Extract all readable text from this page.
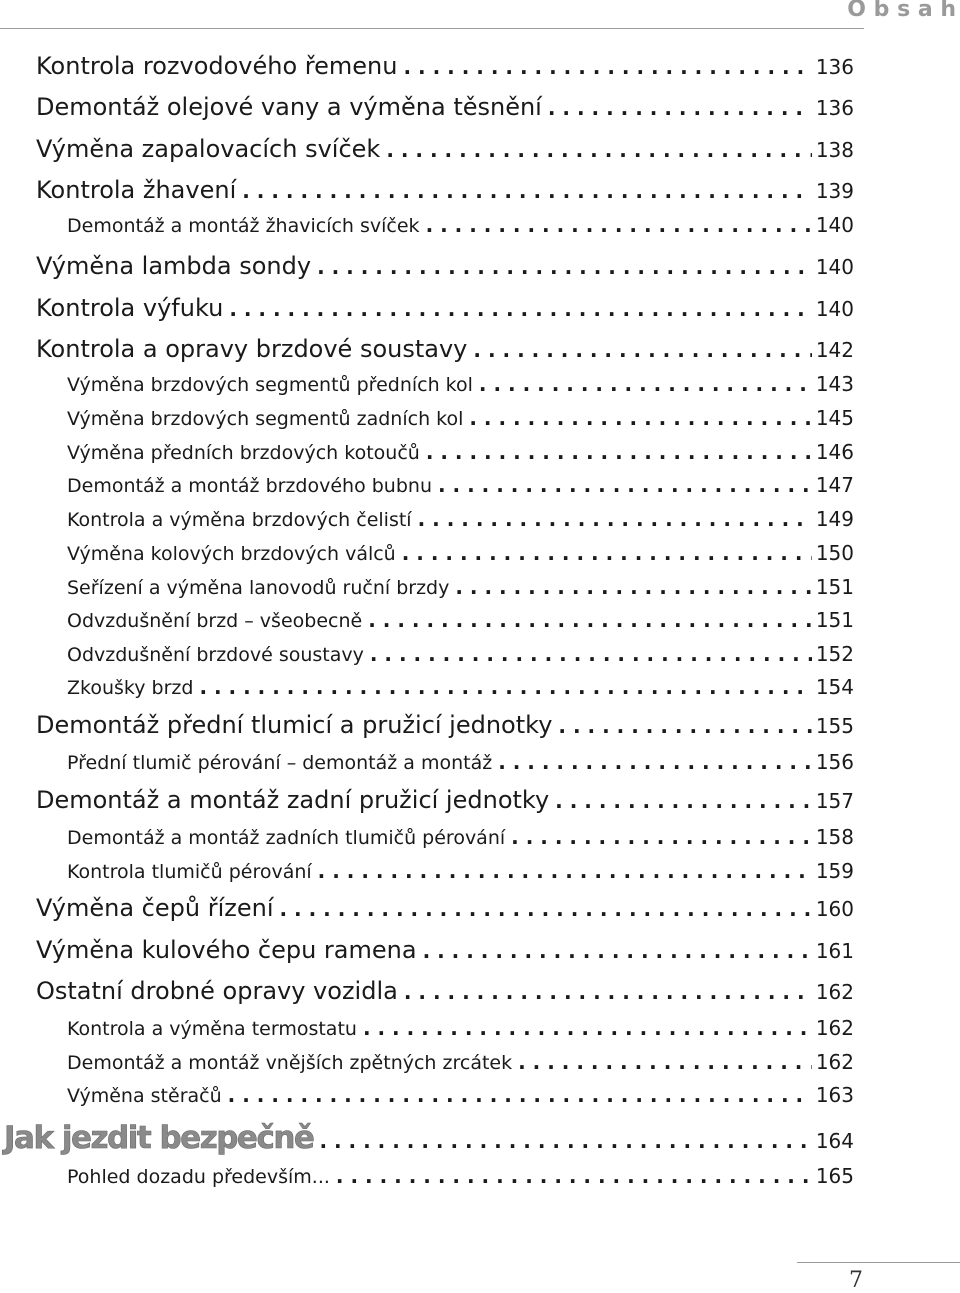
O b s a h
Kontrola rozvodového řemenu . . .	136
Demontáž olejové vany a výměna těsnění . . .	136
Výměna zapalovacích svíček . . .	138
Kontrola žhavení . . .	139
Demontáž a montáž žhavicích svíček . . .	140
Výměna lambda sondy . . .	140
Kontrola výfuku . . .	140
Kontrola a opravy brzdové soustavy . . .	142
Výměna brzdových segmentů předních kol . . .	143
Výměna brzdových segmentů zadních kol . . .	145
Výměna předních brzdových kotoučů . . .	146
Demontáž a montáž brzdového bubnu . . .	147
Kontrola a výměna brzdových čelistí . . .	149
Výměna kolových brzdových válců . . .	150
Seřízení a výměna lanovodů ruční brzdy . . .	151
Odvzdušnění brzd – všeobecně . . .	151
Odvzdušnění brzdové soustavy . . .	152
Zkoušky brzd . . .	154
Demontáž přední tlumicí a pružicí jednotky . . .	155
Přední tlumič pérování – demontáž a montáž . . .	156
Demontáž a montáž zadní pružicí jednotky . . .	157
Demontáž a montáž zadních tlumičů pérování . . .	158
Kontrola tlumičů pérování . . .	159
Výměna čepů řízení . . .	160
Výměna kulového čepu ramena . . .	161
Ostatní drobné opravy vozidla . . .	162
Kontrola a výměna termostatu . . .	162
Demontáž a montáž vnějších zpětných zrcátek . . .	162
Výměna stěračů . . .	163
Jak jezdit bezpečně . . .	164
Pohled dozadu především... . . .	165
7
